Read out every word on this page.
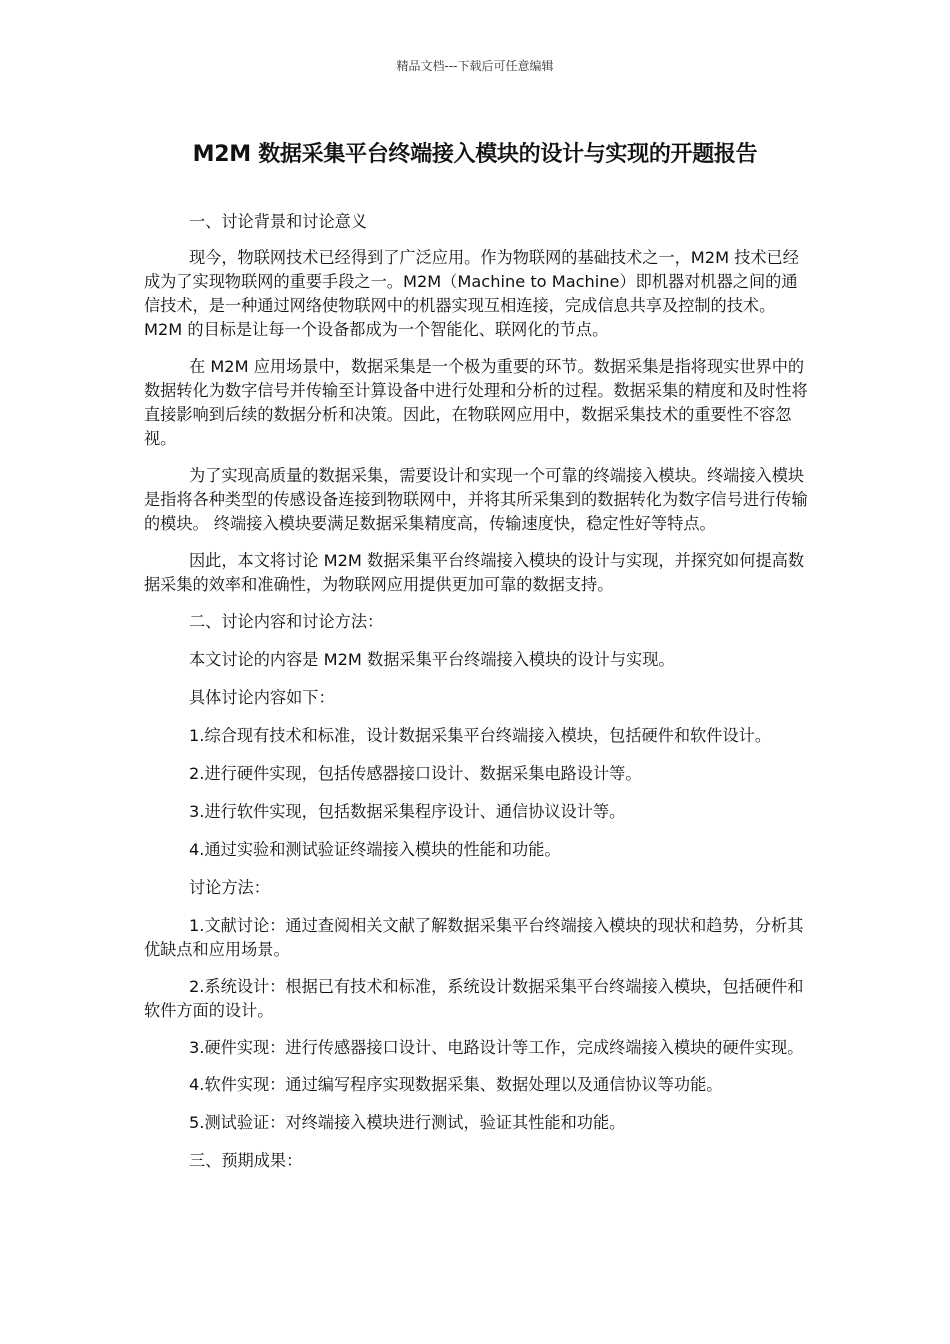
精品文档---下载后可任意编辑
M2M 数据采集平台终端接入模块的设计与实现的开题报告

一、讨论背景和讨论意义

现今，物联网技术已经得到了广泛应用。作为物联网的基础技术之一，M2M 技术已经成为了实现物联网的重要手段之一。M2M（Machine to Machine）即机器对机器之间的通信技术，是一种通过网络使物联网中的机器实现互相连接，完成信息共享及控制的技术。M2M 的目标是让每一个设备都成为一个智能化、联网化的节点。

在 M2M 应用场景中，数据采集是一个极为重要的环节。数据采集是指将现实世界中的数据转化为数字信号并传输至计算设备中进行处理和分析的过程。数据采集的精度和及时性将直接影响到后续的数据分析和决策。因此，在物联网应用中，数据采集技术的重要性不容忽视。

为了实现高质量的数据采集，需要设计和实现一个可靠的终端接入模块。终端接入模块是指将各种类型的传感设备连接到物联网中，并将其所采集到的数据转化为数字信号进行传输的模块。 终端接入模块要满足数据采集精度高，传输速度快，稳定性好等特点。

因此，本文将讨论 M2M 数据采集平台终端接入模块的设计与实现，并探究如何提高数据采集的效率和准确性，为物联网应用提供更加可靠的数据支持。

二、讨论内容和讨论方法：

本文讨论的内容是 M2M 数据采集平台终端接入模块的设计与实现。

具体讨论内容如下：

1.综合现有技术和标准，设计数据采集平台终端接入模块，包括硬件和软件设计。

2.进行硬件实现，包括传感器接口设计、数据采集电路设计等。

3.进行软件实现，包括数据采集程序设计、通信协议设计等。

4.通过实验和测试验证终端接入模块的性能和功能。

讨论方法：

1.文献讨论：通过查阅相关文献了解数据采集平台终端接入模块的现状和趋势，分析其优缺点和应用场景。

2.系统设计：根据已有技术和标准，系统设计数据采集平台终端接入模块，包括硬件和软件方面的设计。

3.硬件实现：进行传感器接口设计、电路设计等工作，完成终端接入模块的硬件实现。

4.软件实现：通过编写程序实现数据采集、数据处理以及通信协议等功能。

5.测试验证：对终端接入模块进行测试，验证其性能和功能。

三、预期成果：
